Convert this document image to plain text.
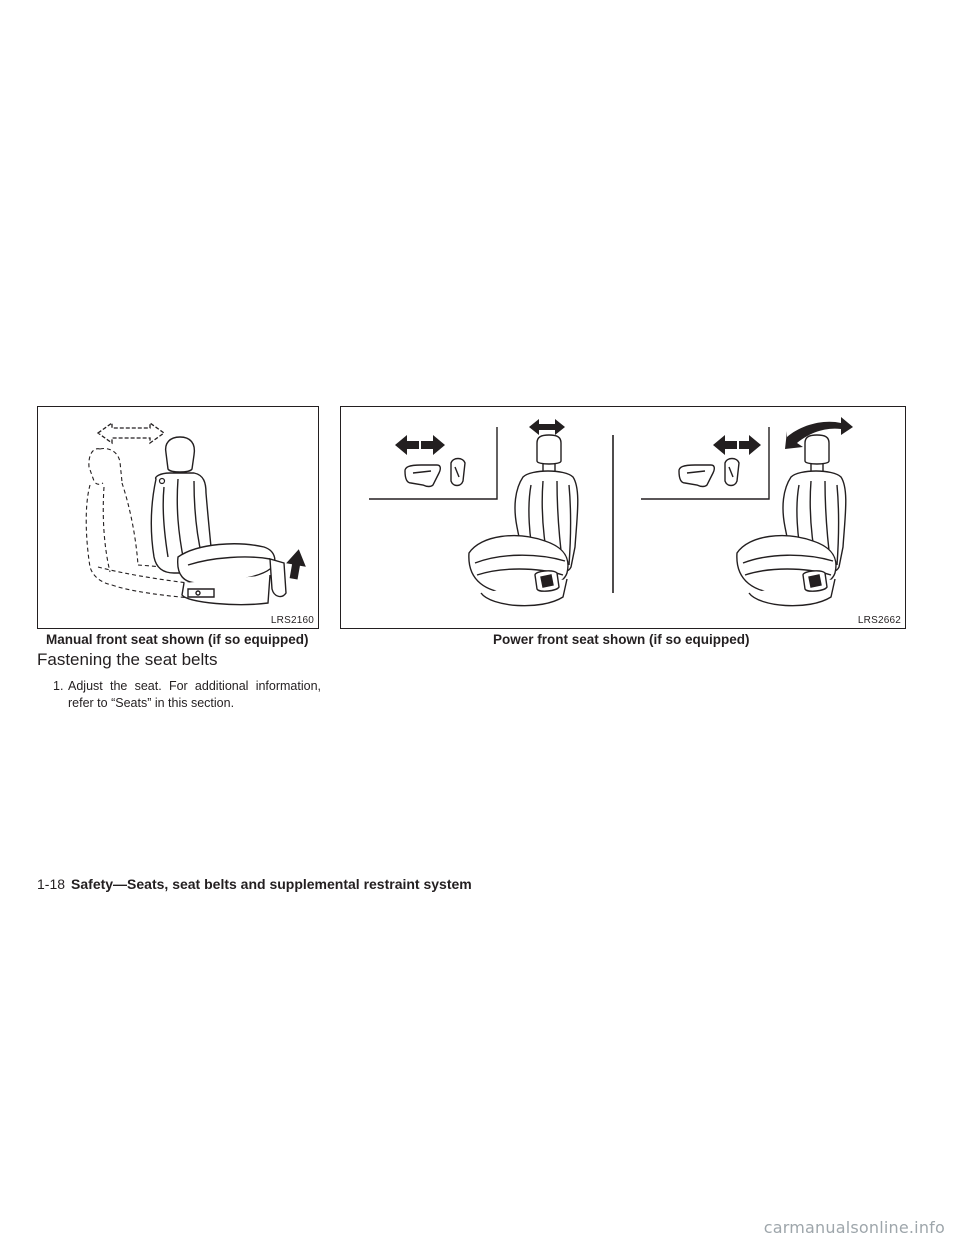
LRS2160	LRS2662
Manual front seat shown (if so equipped)	Power front seat shown (if so equipped)
Fastening the seat belts
1. Adjust the seat. For additional information, refer to “Seats” in this section.
1-18 Safety—Seats, seat belts and supplemental restraint system
carmanualsonline.info
